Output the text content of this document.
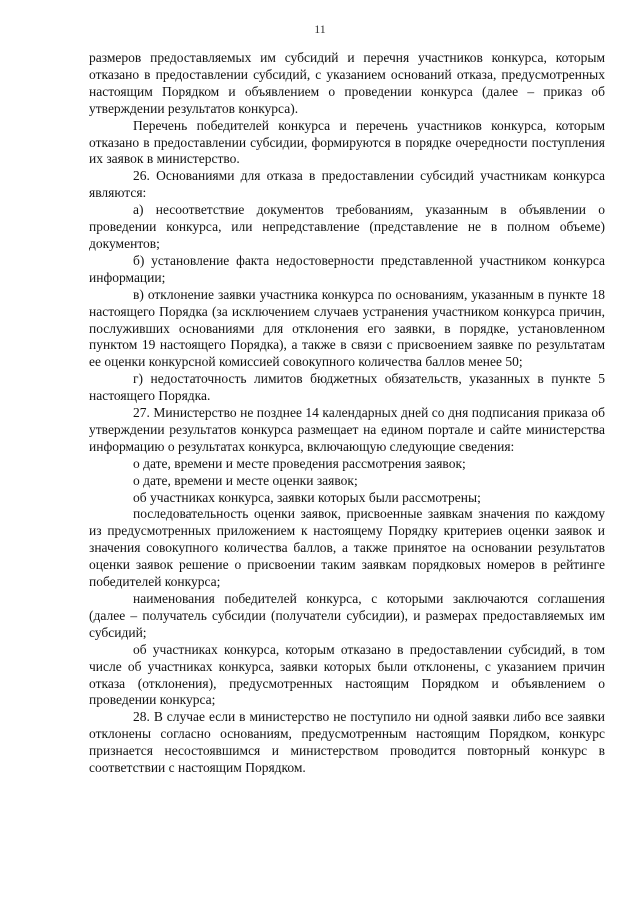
11

размеров предоставляемых им субсидий и перечня участников конкурса, которым отказано в предоставлении субсидий, с указанием оснований отказа, предусмотренных настоящим Порядком и объявлением о проведении конкурса (далее – приказ об утверждении результатов конкурса).

Перечень победителей конкурса и перечень участников конкурса, которым отказано в предоставлении субсидии, формируются в порядке очередности поступления их заявок в министерство.

26. Основаниями для отказа в предоставлении субсидий участникам конкурса являются:

а) несоответствие документов требованиям, указанным в объявлении о проведении конкурса, или непредставление (представление не в полном объеме) документов;

б) установление факта недостоверности представленной участником конкурса информации;

в) отклонение заявки участника конкурса по основаниям, указанным в пункте 18 настоящего Порядка (за исключением случаев устранения участником конкурса причин, послуживших основаниями для отклонения его заявки, в порядке, установленном пунктом 19 настоящего Порядка), а также в связи с присвоением заявке по результатам ее оценки конкурсной комиссией совокупного количества баллов менее 50;

г) недостаточность лимитов бюджетных обязательств, указанных в пункте 5 настоящего Порядка.

27. Министерство не позднее 14 календарных дней со дня подписания приказа об утверждении результатов конкурса размещает на едином портале и сайте министерства информацию о результатах конкурса, включающую следующие сведения:

о дате, времени и месте проведения рассмотрения заявок;

о дате, времени и месте оценки заявок;

об участниках конкурса, заявки которых были рассмотрены;

последовательность оценки заявок, присвоенные заявкам значения по каждому из предусмотренных приложением к настоящему Порядку критериев оценки заявок и значения совокупного количества баллов, а также принятое на основании результатов оценки заявок решение о присвоении таким заявкам порядковых номеров в рейтинге победителей конкурса;

наименования победителей конкурса, с которыми заключаются соглашения (далее – получатель субсидии (получатели субсидии), и размерах предоставляемых им субсидий;

об участниках конкурса, которым отказано в предоставлении субсидий, в том числе об участниках конкурса, заявки которых были отклонены, с указанием причин отказа (отклонения), предусмотренных настоящим Порядком и объявлением о проведении конкурса;

28. В случае если в министерство не поступило ни одной заявки либо все заявки отклонены согласно основаниям, предусмотренным настоящим Порядком, конкурс признается несостоявшимся и министерством проводится повторный конкурс в соответствии с настоящим Порядком.
